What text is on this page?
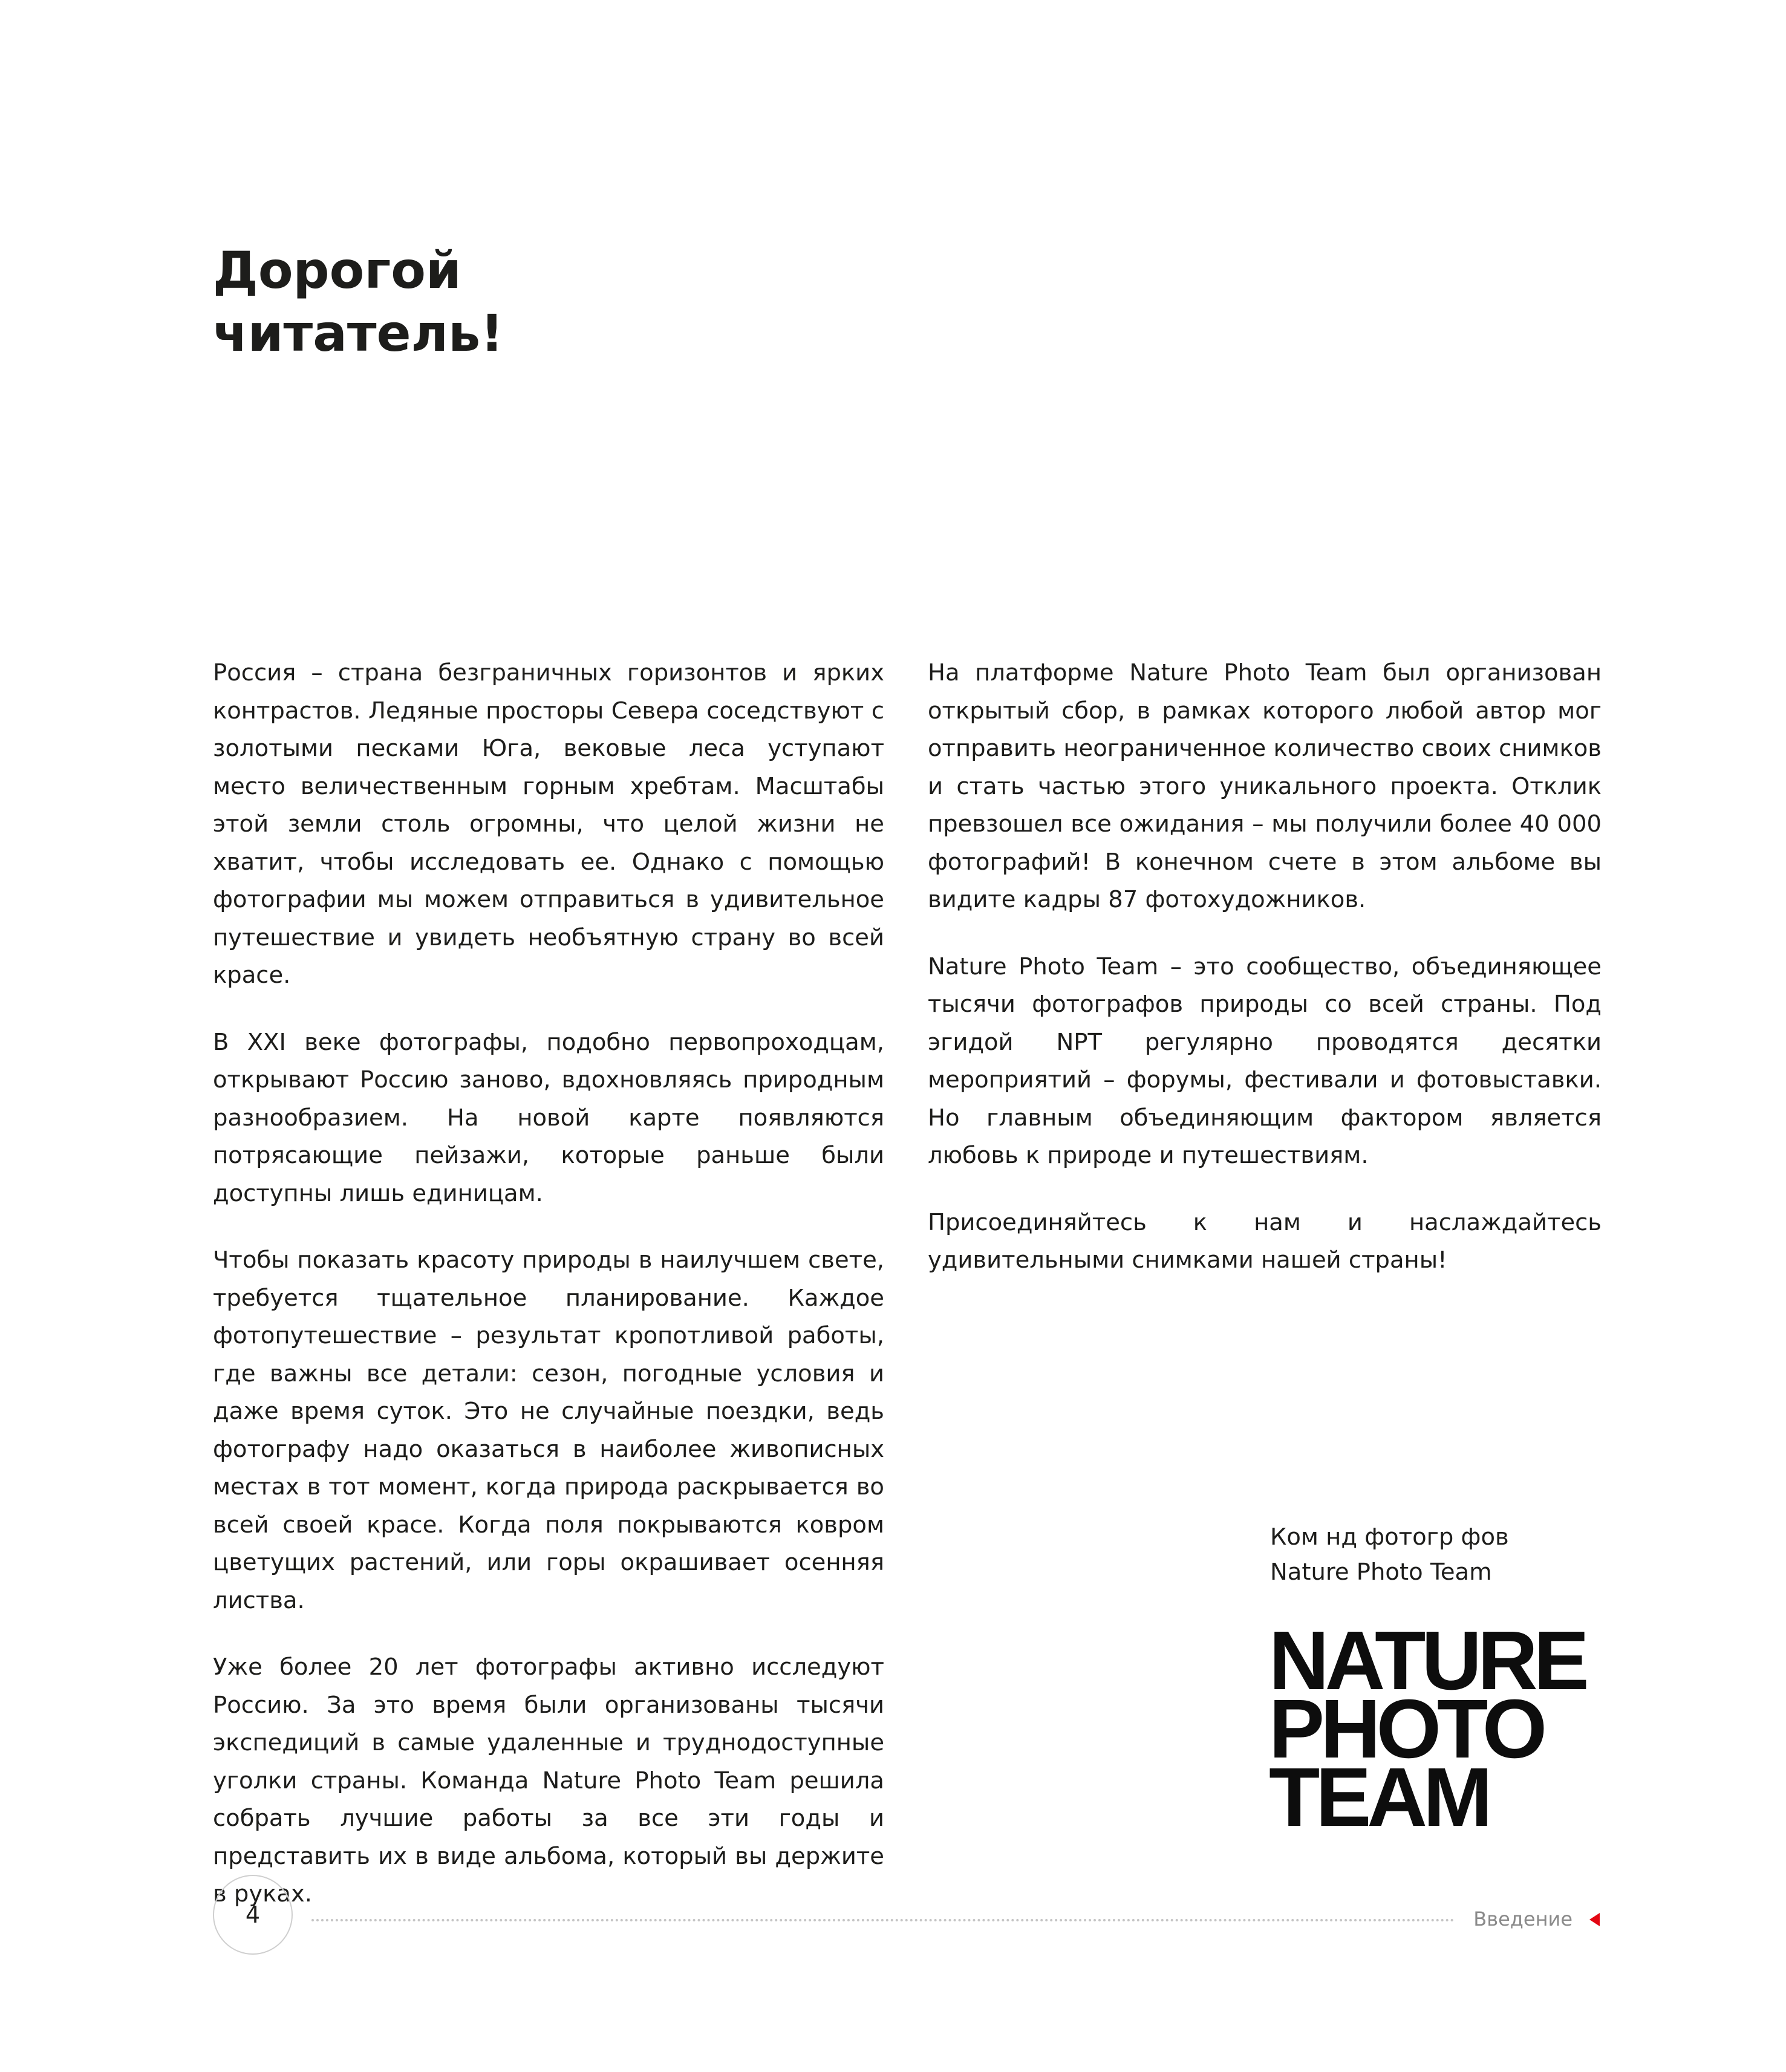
Дорогой
читатель!

Россия – страна безграничных горизонтов и ярких контрастов. Ледяные просторы Севера соседствуют с золотыми песками Юга, вековые леса уступают место величественным горным хребтам. Масштабы этой земли столь огромны, что целой жизни не хватит, чтобы исследовать ее. Однако с помощью фотографии мы можем отправиться в удивительное путешествие и увидеть необъятную страну во всей красе.

В XXI веке фотографы, подобно первопроходцам, открывают Россию заново, вдохновляясь природным разнообразием. На новой карте появляются потрясающие пейзажи, которые раньше были доступны лишь единицам.

Чтобы показать красоту природы в наилучшем свете, требуется тщательное планирование. Каждое фотопутешествие – результат кропотливой работы, где важны все детали: сезон, погодные условия и даже время суток. Это не случайные поездки, ведь фотографу надо оказаться в наиболее живописных местах в тот момент, когда природа раскрывается во всей своей красе. Когда поля покрываются ковром цветущих растений, или горы окрашивает осенняя листва.

Уже более 20 лет фотографы активно исследуют Россию. За это время были организованы тысячи экспедиций в самые удаленные и труднодоступные уголки страны. Команда Nature Photo Team решила собрать лучшие работы за все эти годы и представить их в виде альбома, который вы держите в руках.

На платформе Nature Photo Team был организован открытый сбор, в рамках которого любой автор мог отправить неограниченное количество своих снимков и стать частью этого уникального проекта. Отклик превзошел все ожидания – мы получили более 40 000 фотографий! В конечном счете в этом альбоме вы видите кадры 87 фотохудожников.

Nature Photo Team – это сообщество, объединяющее тысячи фотографов природы со всей страны. Под эгидой NPT регулярно проводятся десятки мероприятий – форумы, фестивали и фотовыставки. Но главным объединяющим фактором является любовь к природе и путешествиям.

Присоединяйтесь к нам и наслаждайтесь удивительными снимками нашей страны!

Ком нд фотогр фов
Nature Photo Team
NATURE
PHOTO
TEAM
4	Введение
